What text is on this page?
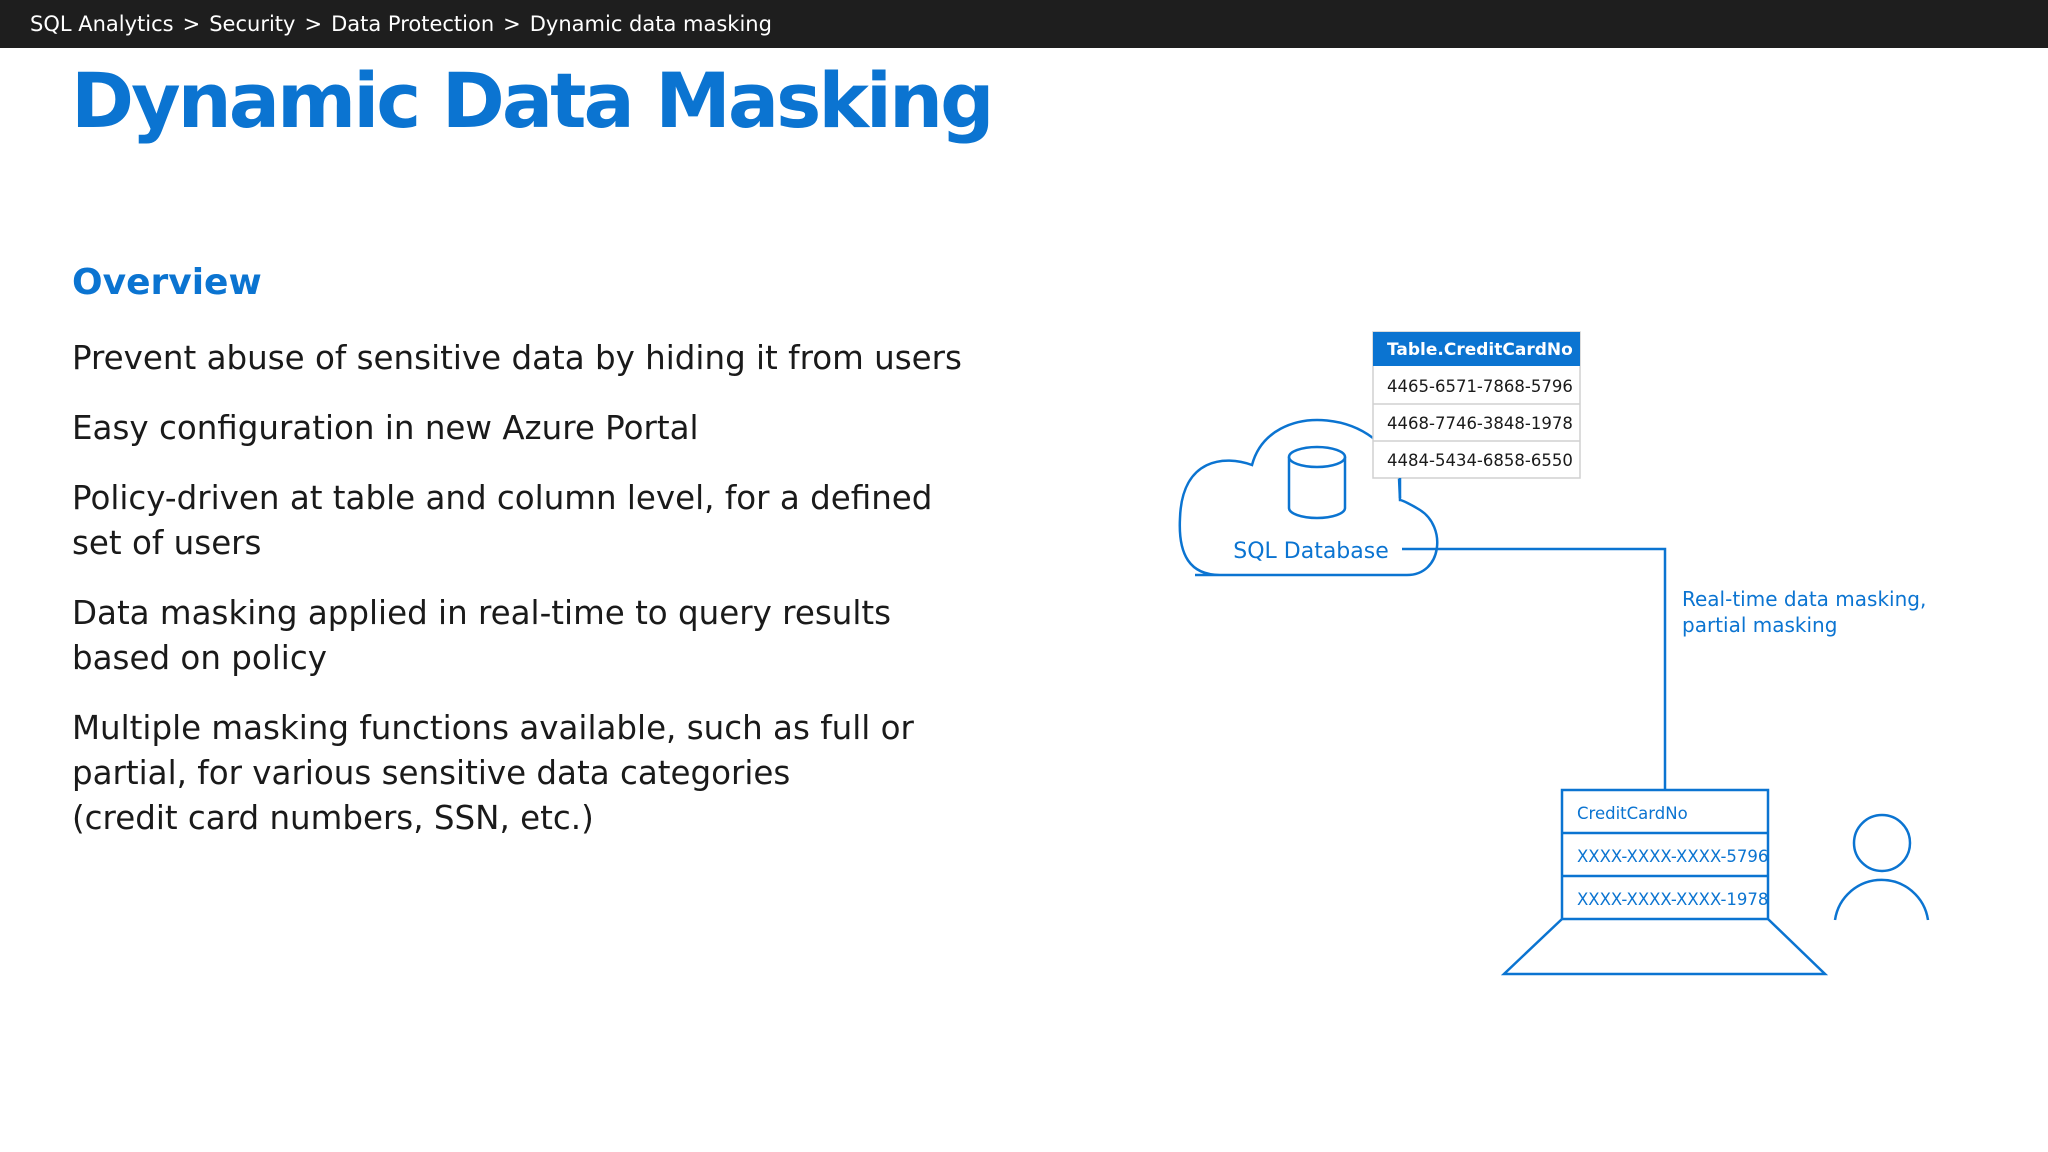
SQL Analytics > Security > Data Protection > Dynamic data masking
Dynamic Data Masking
Overview
Prevent abuse of sensitive data by hiding it from users
Easy configuration in new Azure Portal
Policy-driven at table and column level, for a defined
set of users
Data masking applied in real-time to query results
based on policy
Multiple masking functions available, such as full or
partial, for various sensitive data categories
(credit card numbers, SSN, etc.)
SQL Database
Table.CreditCardNo
4465-6571-7868-5796
4468-7746-3848-1978
4484-5434-6858-6550
Real-time data masking, partial masking
CreditCardNo
XXXX-XXXX-XXXX-5796
XXXX-XXXX-XXXX-1978
